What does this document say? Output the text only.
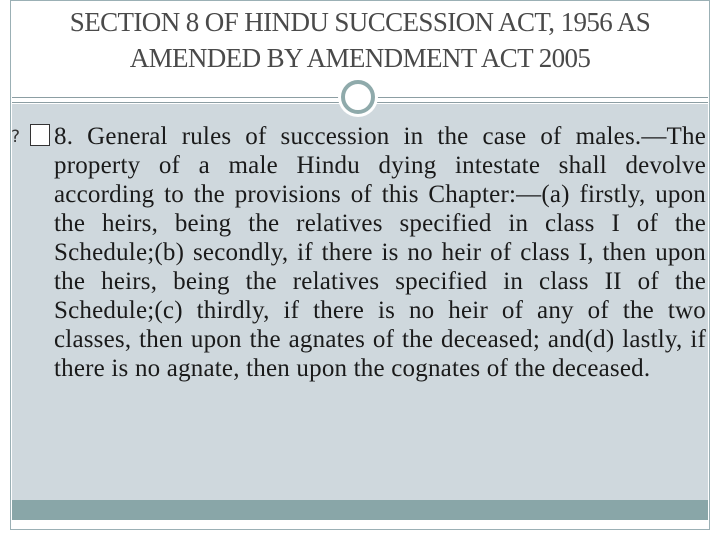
SECTION 8 OF HINDU SUCCESSION ACT, 1956 AS
AMENDED BY AMENDMENT ACT 2005
?8. General rules of succession in the case of males.—The property of a male Hindu dying intestate shall devolve according to the provisions of this Chapter:—(a) firstly, upon the heirs, being the relatives specified in class I of the Schedule;(b) secondly, if there is no heir of class I, then upon the heirs, being the relatives specified in class II of the Schedule;(c) thirdly, if there is no heir of any of the two classes, then upon the agnates of the deceased; and(d) lastly, if there is no agnate, then upon the cognates of the deceased.
